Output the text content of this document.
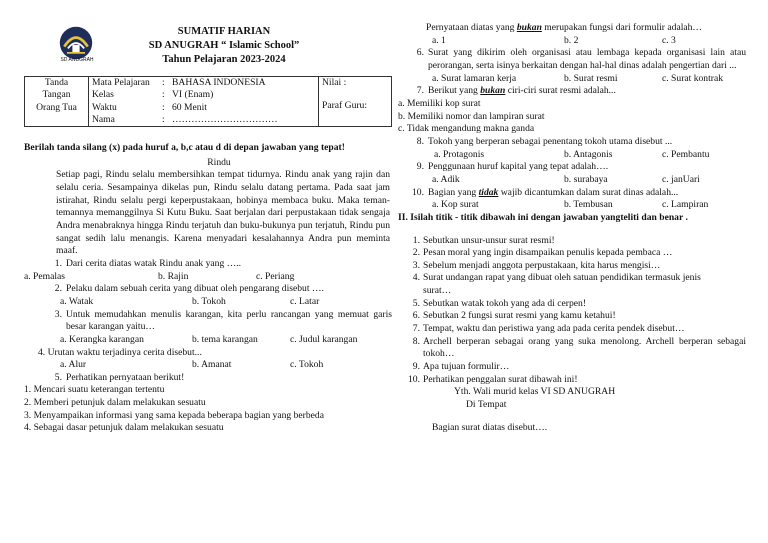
SD ANUGRAH
SUMATIF HARIAN
SD ANUGRAH “ Islamic School”
Tahun Pelajaran 2023-2024
Tanda
Tangan
Orang Tua

Mata Pelajaran	: BAHASA INDONESIA
Kelas	: VI (Enam)
Waktu	: 60 Menit
Nama	: ……………………………

Nilai :
Paraf Guru:
Berilah tanda silang (x) pada huruf a, b,c atau d di depan jawaban yang tepat!
Rindu
Setiap pagi, Rindu selalu membersihkan tempat tidurnya. Rindu anak yang rajin dan selalu ceria. Sesampainya dikelas pun, Rindu selalu datang pertama. Pada saat jam istirahat, Rindu selalu pergi keperpustakaan, hobinya membaca buku. Maka teman-temannya memanggilnya Si Kutu Buku. Saat berjalan dari perpustakaan tidak sengaja Andra menabraknya hingga Rindu terjatuh dan buku-bukunya pun terjatuh, Rindu pun sangat sedih lalu menangis. Karena menyadari kesalahannya Andra pun meminta maaf.
1. Dari cerita diatas watak Rindu anak yang …..
a. Pemalas	b. Rajin	c. Periang
2. Pelaku dalam sebuah cerita yang dibuat oleh pengarang disebut ….
a. Watak	b. Tokoh	c. Latar
3. Untuk memudahkan menulis karangan, kita perlu rancangan yang memuat garis besar karangan yaitu…
a. Kerangka karangan	b. tema karangan	c. Judul karangan
4. Urutan waktu terjadinya cerita disebut...
a. Alur	b. Amanat	c. Tokoh
5. Perhatikan pernyataan berikut!
1. Mencari suatu keterangan tertentu
2. Memberi petunjuk dalam melakukan sesuatu
3. Menyampaikan informasi yang sama kepada beberapa bagian yang berbeda
4. Sebagai dasar petunjuk dalam melakukan sesuatu
Pernyataan diatas yang bukan merupakan fungsi dari formulir adalah…
a. 1	b. 2	c. 3
6. Surat yang dikirim oleh organisasi atau lembaga kepada organisasi lain atau perorangan, serta isinya berkaitan dengan hal-hal dinas adalah pengertian dari ...
a. Surat lamaran kerja	b. Surat resmi	c. Surat kontrak
7. Berikut yang bukan ciri-ciri surat resmi adalah...
a. Memiliki kop surat
b. Memiliki nomor dan lampiran surat
c. Tidak mengandung makna ganda
8. Tokoh yang berperan sebagai penentang tokoh utama disebut ...
a. Protagonis	b. Antagonis	c. Pembantu
9. Penggunaan huruf kapital yang tepat adalah….
a. Adik	b. surabaya	c. janUari
10. Bagian yang tidak wajib dicantumkan dalam surat dinas adalah...
a. Kop surat	b. Tembusan	c. Lampiran
II. Isilah titik - titik dibawah ini dengan jawaban yangteliti dan benar .
1. Sebutkan unsur-unsur surat resmi!
2. Pesan moral yang ingin disampaikan penulis kepada pembaca …
3. Sebelum menjadi anggota perpustakaan, kita harus mengisi…
4. Surat undangan rapat yang dibuat oleh satuan pendidikan termasuk jenis surat…
5. Sebutkan watak tokoh yang ada di cerpen!
6. Sebutkan 2 fungsi surat resmi yang kamu ketahui!
7. Tempat, waktu dan peristiwa yang ada pada cerita pendek disebut…
8. Archell berperan sebagai orang yang suka menolong. Archell berperan sebagai tokoh…
9. Apa tujuan formulir…
10. Perhatikan penggalan surat dibawah ini!
Yth. Wali murid kelas VI SD ANUGRAH
Di Tempat
Bagian surat diatas disebut….
